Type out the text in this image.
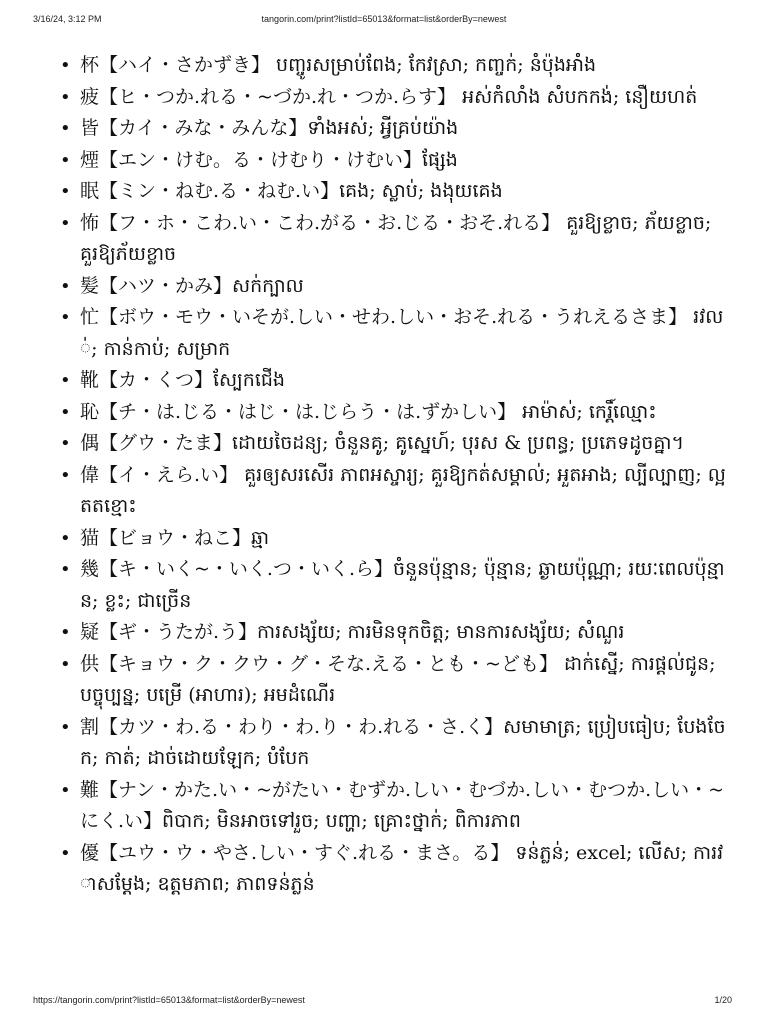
3/16/24, 3:12 PM	tangorin.com/print?listId=65013&format=list&orderBy=newest
• 杯【ハイ・さかずき】 បញ្ចូរសម្រាប់ពែង; កែវស្រា; កញ្ចក់; នំប៉ុងអាំង
• 疲【ヒ・つか.れる・~づか.れ・つか.らす】 អស់កំលាំង សំបកកង់; នឿយហត់
• 皆【カイ・みな・みんな】ទាំងអស់; អ្វីគ្រប់យ៉ាង
• 煙【エン・けむ。る・けむり・けむい】ផ្សែង
• 眠【ミン・ねむ.る・ねむ.い】គេង; ស្លាប់; ងងុយគេង
• 怖【フ・ホ・こわ.い・こわ.がる・お.じる・おそ.れる】 គួរឱ្យខ្លាច; ភ័យខ្លាច; គួរឱ្យភ័យខ្លាច
• 髪【ハツ・かみ】សក់ក្បាល
• 忙【ボウ・モウ・いそが.しい・せわ.しい・おそ.れる・うれえるさま】 រវល់; កាន់កាប់; សម្រាក
• 靴【カ・くつ】ស្បែកជើង
• 恥【チ・は.じる・はじ・は.じらう・は.ずかしい】 អាម៉ាស់; កេរ្តិ៍ឈ្មោះ
• 偶【グウ・たま】ដោយចៃដន្យ; ចំនួនគូ; គូស្នេហ៍; បុរស & ប្រពន្ធ; ប្រភេទដូចគ្នា។
• 偉【イ・えら.い】 គួរឲ្យសរសើរ ភាពអស្ចារ្យ; គួរឱ្យកត់សម្គាល់; អួតអាង; ល្បីល្បាញ; ល្អតតខ្មោះ
• 猫【ビョウ・ねこ】ឆ្មា
• 幾【キ・いく~・いく.つ・いく.ら】ចំនួនប៉ុន្មាន; ប៉ុន្មាន; ឆ្ងាយប៉ុណ្ណា; រយៈពេលប៉ុន្មាន; ខ្លះ; ជាច្រើន
• 疑【ギ・うたが.う】ការសង្ស័យ; ការមិនទុកចិត្ត; មានការសង្ស័យ; សំណួរ
• 供【キョウ・ク・クウ・グ・そな.える・とも・~ども】 ដាក់ស្នើ; ការផ្តល់ជូន; បច្ចុប្បន្ន; បម្រើ (អាហារ); អមដំណើរ
• 割【カツ・わ.る・わり・わ.り・わ.れる・さ.く】សមាមាត្រ; ប្រៀបធៀប; បែងចែក; កាត់; ដាច់ដោយឡែក; បំបែក
• 難【ナン・かた.い・~がたい・むずか.しい・むづか.しい・むつか.しい・~にく.い】ពិបាក; មិនអាចទៅរួច; បញ្ហា; គ្រោះថ្នាក់; ពិការភាព
• 優【ユウ・ウ・やさ.しい・すぐ.れる・まさ。る】 ទន់ភ្លន់; excel; លើស; ការវាសម្តែង; ឧត្តមភាព; ភាពទន់ភ្លន់
https://tangorin.com/print?listId=65013&format=list&orderBy=newest	1/20
